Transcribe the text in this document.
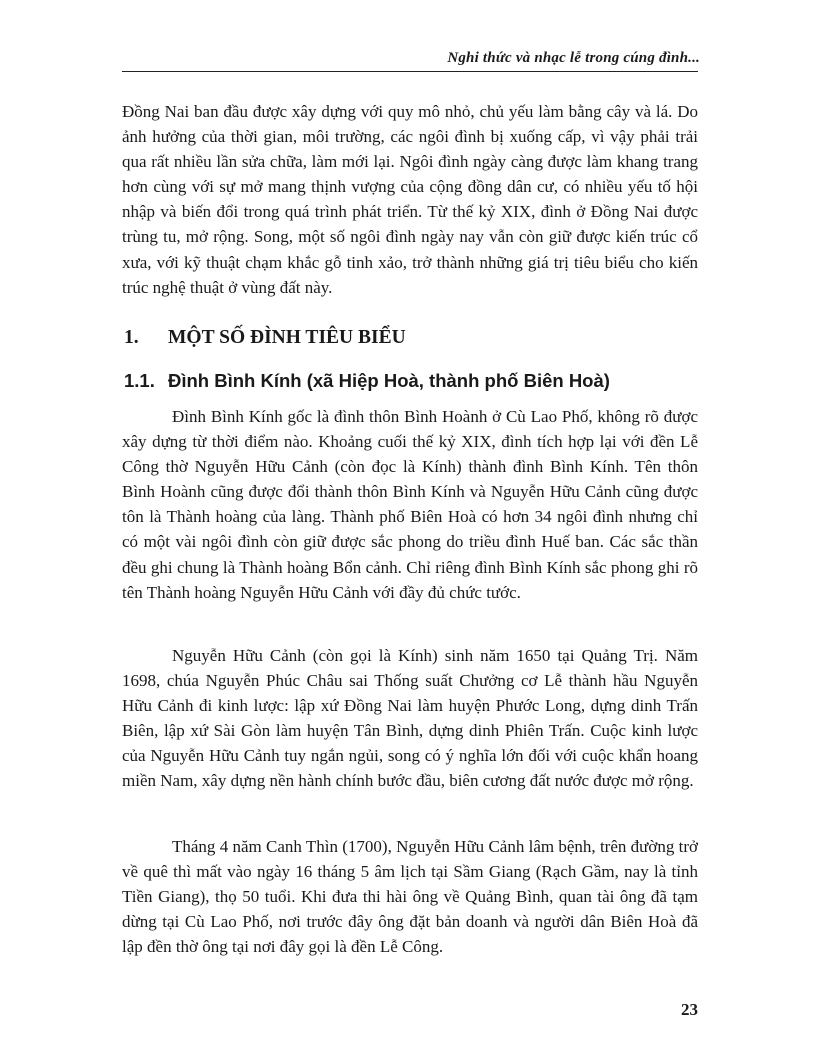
Nghi thức và nhạc lễ trong cúng đình...

Đồng Nai ban đầu được xây dựng với quy mô nhỏ, chủ yếu làm bằng cây và lá. Do ảnh hưởng của thời gian, môi trường, các ngôi đình bị xuống cấp, vì vậy phải trải qua rất nhiều lần sửa chữa, làm mới lại. Ngôi đình ngày càng được làm khang trang hơn cùng với sự mở mang thịnh vượng của cộng đồng dân cư, có nhiều yếu tố hội nhập và biến đổi trong quá trình phát triển. Từ thế kỷ XIX, đình ở Đồng Nai được trùng tu, mở rộng. Song, một số ngôi đình ngày nay vẫn còn giữ được kiến trúc cổ xưa, với kỹ thuật chạm khắc gỗ tinh xảo, trở thành những giá trị tiêu biểu cho kiến trúc nghệ thuật ở vùng đất này.

1. MỘT SỐ ĐÌNH TIÊU BIỂU
1.1. Đình Bình Kính (xã Hiệp Hoà, thành phố Biên Hoà)

Đình Bình Kính gốc là đình thôn Bình Hoành ở Cù Lao Phố, không rõ được xây dựng từ thời điểm nào. Khoảng cuối thế kỷ XIX, đình tích hợp lại với đền Lễ Công thờ Nguyễn Hữu Cảnh (còn đọc là Kính) thành đình Bình Kính. Tên thôn Bình Hoành cũng được đổi thành thôn Bình Kính và Nguyễn Hữu Cảnh cũng được tôn là Thành hoàng của làng. Thành phố Biên Hoà có hơn 34 ngôi đình nhưng chỉ có một vài ngôi đình còn giữ được sắc phong do triều đình Huế ban. Các sắc thần đều ghi chung là Thành hoàng Bổn cảnh. Chỉ riêng đình Bình Kính sắc phong ghi rõ tên Thành hoàng Nguyễn Hữu Cảnh với đầy đủ chức tước.

Nguyễn Hữu Cảnh (còn gọi là Kính) sinh năm 1650 tại Quảng Trị. Năm 1698, chúa Nguyễn Phúc Châu sai Thống suất Chưởng cơ Lễ thành hầu Nguyễn Hữu Cảnh đi kinh lược: lập xứ Đồng Nai làm huyện Phước Long, dựng dinh Trấn Biên, lập xứ Sài Gòn làm huyện Tân Bình, dựng dinh Phiên Trấn. Cuộc kinh lược của Nguyễn Hữu Cảnh tuy ngắn ngủi, song có ý nghĩa lớn đối với cuộc khẩn hoang miền Nam, xây dựng nền hành chính bước đầu, biên cương đất nước được mở rộng.

Tháng 4 năm Canh Thìn (1700), Nguyễn Hữu Cảnh lâm bệnh, trên đường trở về quê thì mất vào ngày 16 tháng 5 âm lịch tại Sầm Giang (Rạch Gầm, nay là tỉnh Tiền Giang), thọ 50 tuổi. Khi đưa thi hài ông về Quảng Bình, quan tài ông đã tạm dừng tại Cù Lao Phố, nơi trước đây ông đặt bản doanh và người dân Biên Hoà đã lập đền thờ ông tại nơi đây gọi là đền Lễ Công.

23
